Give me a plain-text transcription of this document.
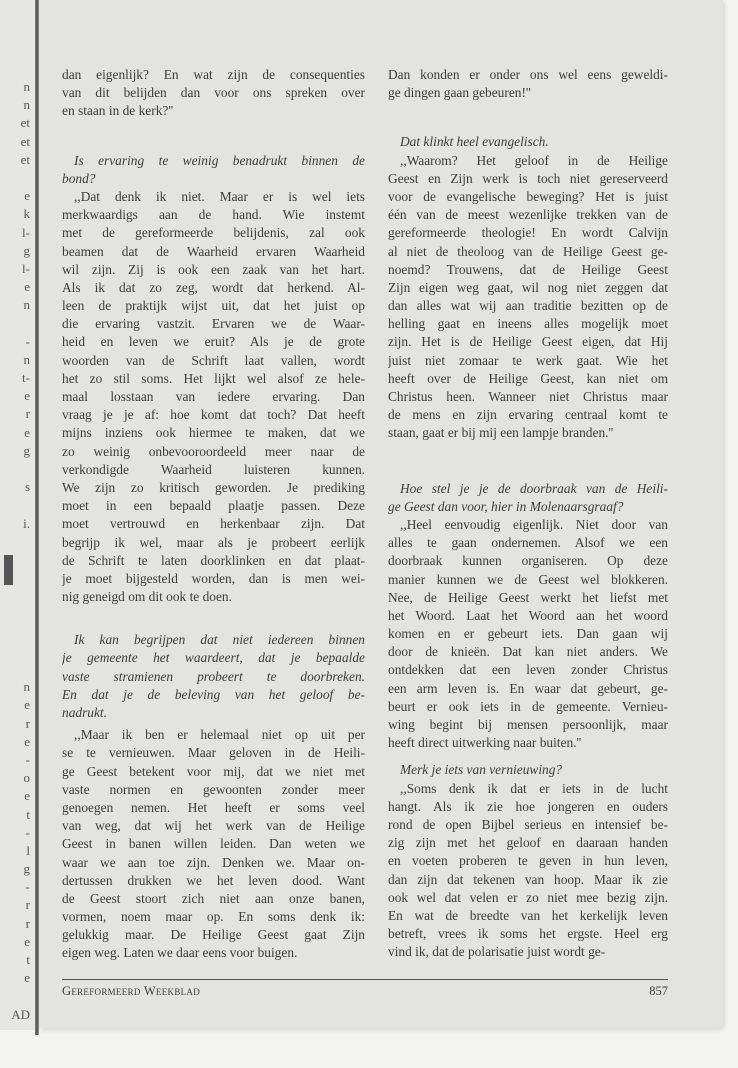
n
n
et
et
et
e
k
l-
g
l-
e
n
-
n
t-
e
r
e
g
s
i.
n
e
r
e
-
o
e
t
-
l
g
-
r
r
e
t
e
AD
dan eigenlijk? En wat zijn de consequenties
van dit belijden dan voor ons spreken over
en staan in de kerk?''
Is ervaring te weinig benadrukt binnen de
bond?
,,Dat denk ik niet. Maar er is wel iets
merkwaardigs aan de hand. Wie instemt
met de gereformeerde belijdenis, zal ook
beamen dat de Waarheid ervaren Waarheid
wil zijn. Zij is ook een zaak van het hart.
Als ik dat zo zeg, wordt dat herkend. Al-
leen de praktijk wijst uit, dat het juist op
die ervaring vastzit. Ervaren we de Waar-
heid en leven we eruit? Als je de grote
woorden van de Schrift laat vallen, wordt
het zo stil soms. Het lijkt wel alsof ze hele-
maal losstaan van iedere ervaring. Dan
vraag je je af: hoe komt dat toch? Dat heeft
mijns inziens ook hiermee te maken, dat we
zo weinig onbevooroordeeld meer naar de
verkondigde Waarheid luisteren kunnen.
We zijn zo kritisch geworden. Je prediking
moet in een bepaald plaatje passen. Deze
moet vertrouwd en herkenbaar zijn. Dat
begrijp ik wel, maar als je probeert eerlijk
de Schrift te laten doorklinken en dat plaat-
je moet bijgesteld worden, dan is men wei-
nig geneigd om dit ook te doen.
Ik kan begrijpen dat niet iedereen binnen
je gemeente het waardeert, dat je bepaalde
vaste stramienen probeert te doorbreken.
En dat je de beleving van het geloof be-
nadrukt.
,,Maar ik ben er helemaal niet op uit per
se te vernieuwen. Maar geloven in de Heili-
ge Geest betekent voor mij, dat we niet met
vaste normen en gewoonten zonder meer
genoegen nemen. Het heeft er soms veel
van weg, dat wij het werk van de Heilige
Geest in banen willen leiden. Dan weten we
waar we aan toe zijn. Denken we. Maar on-
dertussen drukken we het leven dood. Want
de Geest stoort zich niet aan onze banen,
vormen, noem maar op. En soms denk ik:
gelukkig maar. De Heilige Geest gaat Zijn
eigen weg. Laten we daar eens voor buigen.
Dan konden er onder ons wel eens geweldi-
ge dingen gaan gebeuren!''
Dat klinkt heel evangelisch.
,,Waarom? Het geloof in de Heilige
Geest en Zijn werk is toch niet gereserveerd
voor de evangelische beweging? Het is juist
één van de meest wezenlijke trekken van de
gereformeerde theologie! En wordt Calvijn
al niet de theoloog van de Heilige Geest ge-
noemd? Trouwens, dat de Heilige Geest
Zijn eigen weg gaat, wil nog niet zeggen dat
dan alles wat wij aan traditie bezitten op de
helling gaat en ineens alles mogelijk moet
zijn. Het is de Heilige Geest eigen, dat Hij
juist niet zomaar te werk gaat. Wie het
heeft over de Heilige Geest, kan niet om
Christus heen. Wanneer niet Christus maar
de mens en zijn ervaring centraal komt te
staan, gaat er bij mij een lampje branden.''
Hoe stel je je de doorbraak van de Heili-
ge Geest dan voor, hier in Molenaarsgraaf?
,,Heel eenvoudig eigenlijk. Niet door van
alles te gaan ondernemen. Alsof we een
doorbraak kunnen organiseren. Op deze
manier kunnen we de Geest wel blokkeren.
Nee, de Heilige Geest werkt het liefst met
het Woord. Laat het Woord aan het woord
komen en er gebeurt iets. Dan gaan wij
door de knieën. Dat kan niet anders. We
ontdekken dat een leven zonder Christus
een arm leven is. En waar dat gebeurt, ge-
beurt er ook iets in de gemeente. Vernieu-
wing begint bij mensen persoonlijk, maar
heeft direct uitwerking naar buiten.''
Merk je iets van vernieuwing?
,,Soms denk ik dat er iets in de lucht
hangt. Als ik zie hoe jongeren en ouders
rond de open Bijbel serieus en intensief be-
zig zijn met het geloof en daaraan handen
en voeten proberen te geven in hun leven,
dan zijn dat tekenen van hoop. Maar ik zie
ook wel dat velen er zo niet mee bezig zijn.
En wat de breedte van het kerkelijk leven
betreft, vrees ik soms het ergste. Heel erg
vind ik, dat de polarisatie juist wordt ge-
Gereformeerd Weekblad	857
